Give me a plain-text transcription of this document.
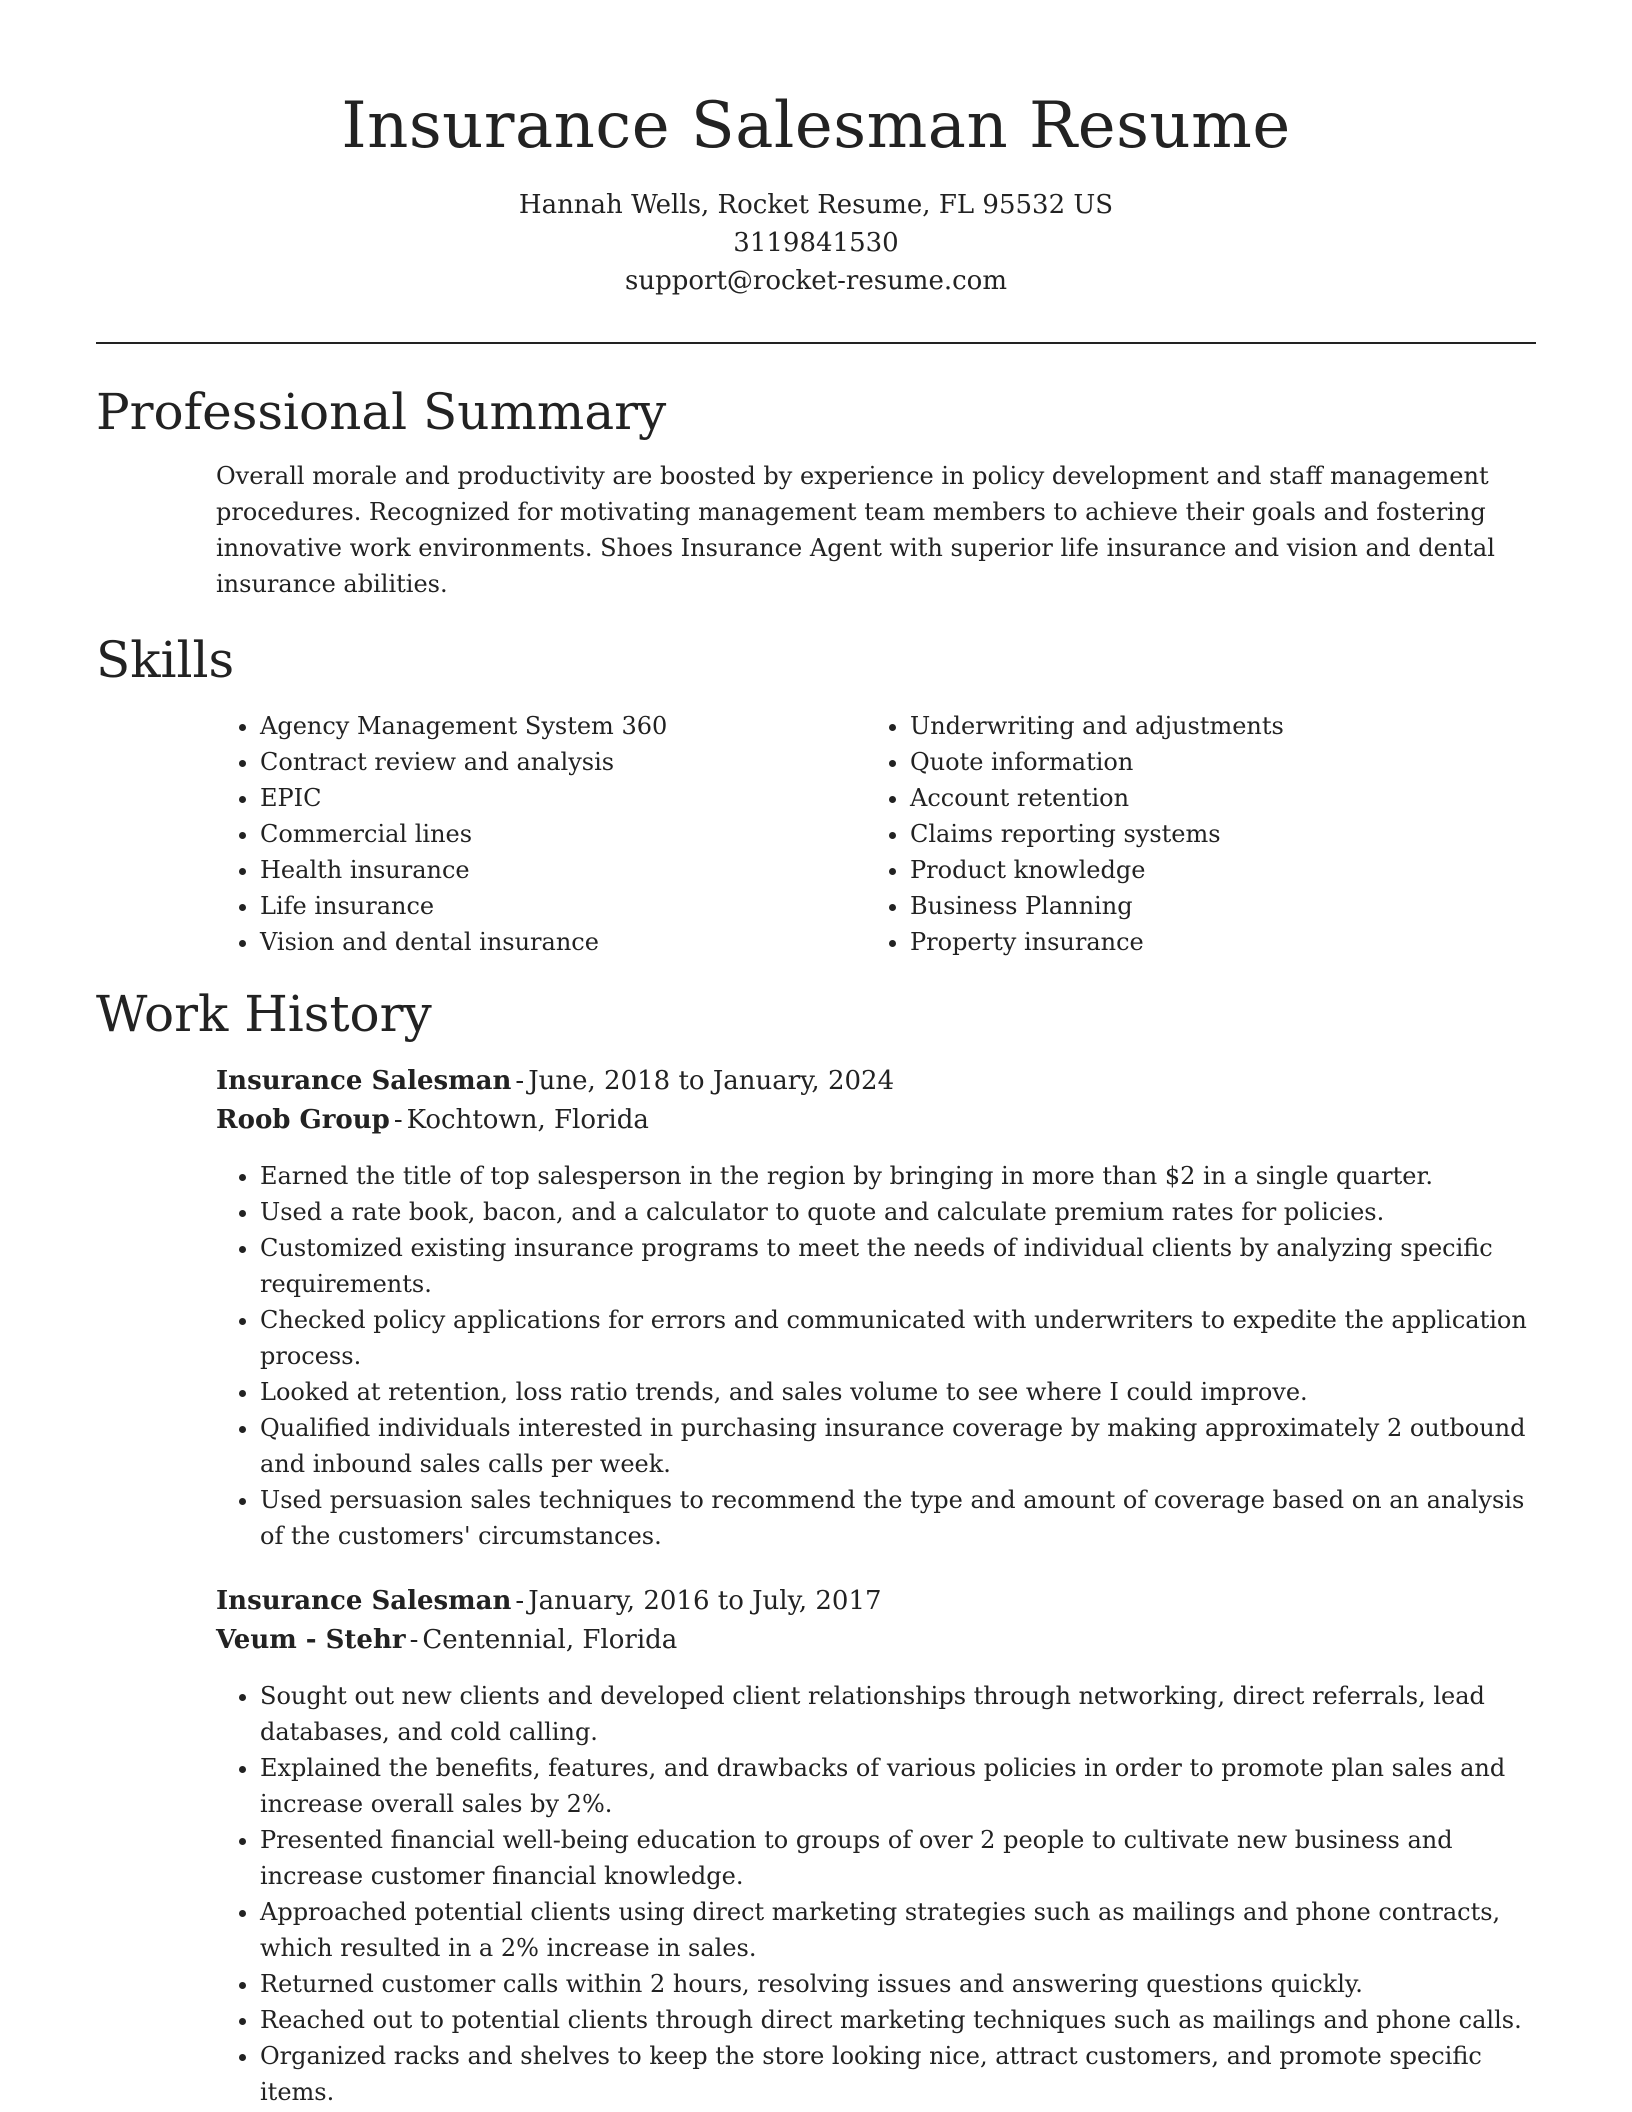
Insurance Salesman Resume
Hannah Wells, Rocket Resume, FL 95532 US
3119841530
support@rocket-resume.com
Professional Summary

Overall morale and productivity are boosted by experience in policy development and staff management procedures. Recognized for motivating management team members to achieve their goals and fostering innovative work environments. Shoes Insurance Agent with superior life insurance and vision and dental insurance abilities.

Skills
• Agency Management System 360
• Contract review and analysis
• EPIC
• Commercial lines
• Health insurance
• Life insurance
• Vision and dental insurance
• Underwriting and adjustments
• Quote information
• Account retention
• Claims reporting systems
• Product knowledge
• Business Planning
• Property insurance
Work History
Insurance Salesman - June, 2018 to January, 2024
Roob Group - Kochtown, Florida
• Earned the title of top salesperson in the region by bringing in more than $2 in a single quarter.
• Used a rate book, bacon, and a calculator to quote and calculate premium rates for policies.
• Customized existing insurance programs to meet the needs of individual clients by analyzing specific requirements.
• Checked policy applications for errors and communicated with underwriters to expedite the application process.
• Looked at retention, loss ratio trends, and sales volume to see where I could improve.
• Qualified individuals interested in purchasing insurance coverage by making approximately 2 outbound and inbound sales calls per week.
• Used persuasion sales techniques to recommend the type and amount of coverage based on an analysis of the customers' circumstances.
Insurance Salesman - January, 2016 to July, 2017
Veum - Stehr - Centennial, Florida
• Sought out new clients and developed client relationships through networking, direct referrals, lead databases, and cold calling.
• Explained the benefits, features, and drawbacks of various policies in order to promote plan sales and increase overall sales by 2%.
• Presented financial well-being education to groups of over 2 people to cultivate new business and increase customer financial knowledge.
• Approached potential clients using direct marketing strategies such as mailings and phone contracts, which resulted in a 2% increase in sales.
• Returned customer calls within 2 hours, resolving issues and answering questions quickly.
• Reached out to potential clients through direct marketing techniques such as mailings and phone calls.
• Organized racks and shelves to keep the store looking nice, attract customers, and promote specific items.
